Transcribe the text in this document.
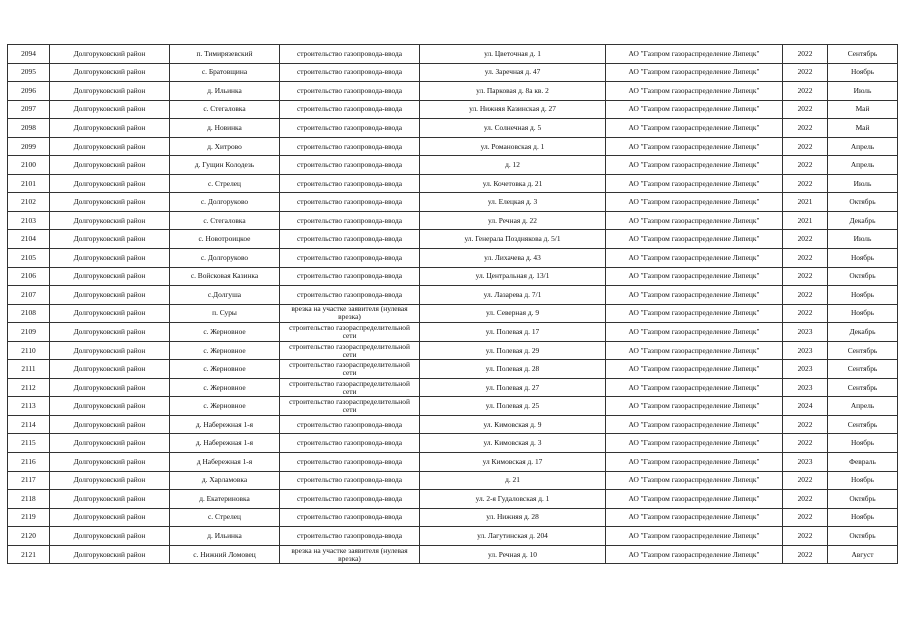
2094	Долгоруковский район	п. Тимирязевский	строительство газопровода-ввода	ул. Цветочная д. 1	АО "Газпром газораспределение Липецк"	2022	Сентябрь
2095	Долгоруковский район	с. Братовщина	строительство газопровода-ввода	ул. Заречная д. 47	АО "Газпром газораспределение Липецк"	2022	Ноябрь
2096	Долгоруковский район	д. Ильинка	строительство газопровода-ввода	ул. Парковая д. 8а кв. 2	АО "Газпром газораспределение Липецк"	2022	Июль
2097	Долгоруковский район	с. Стегаловка	строительство газопровода-ввода	ул. Нижняя Казинская д. 27	АО "Газпром газораспределение Липецк"	2022	Май
2098	Долгоруковский район	д. Новинка	строительство газопровода-ввода	ул. Солнечная д. 5	АО "Газпром газораспределение Липецк"	2022	Май
2099	Долгоруковский район	д. Хитрово	строительство газопровода-ввода	ул. Романовская д. 1	АО "Газпром газораспределение Липецк"	2022	Апрель
2100	Долгоруковский район	д. Гущин Колодезь	строительство газопровода-ввода	д. 12	АО "Газпром газораспределение Липецк"	2022	Апрель
2101	Долгоруковский район	с. Стрелец	строительство газопровода-ввода	ул. Кочетовка д. 21	АО "Газпром газораспределение Липецк"	2022	Июль
2102	Долгоруковский район	с. Долгоруково	строительство газопровода-ввода	ул. Елецкая д. 3	АО "Газпром газораспределение Липецк"	2021	Октябрь
2103	Долгоруковский район	с. Стегаловка	строительство газопровода-ввода	ул. Речная д. 22	АО "Газпром газораспределение Липецк"	2021	Декабрь
2104	Долгоруковский район	с. Новотроицкое	строительство газопровода-ввода	ул. Генерала Позднякова д. 5/1	АО "Газпром газораспределение Липецк"	2022	Июль
2105	Долгоруковский район	с. Долгоруково	строительство газопровода-ввода	ул. Лихачева д. 43	АО "Газпром газораспределение Липецк"	2022	Ноябрь
2106	Долгоруковский район	с. Войсковая Казинка	строительство газопровода-ввода	ул. Центральная д. 13/1	АО "Газпром газораспределение Липецк"	2022	Октябрь
2107	Долгоруковский район	с.Долгуша	строительство газопровода-ввода	ул. Лазарева д. 7/1	АО "Газпром газораспределение Липецк"	2022	Ноябрь
2108	Долгоруковский район	п. Суры	врезка на участке заявителя (нулевая врезка)	ул. Северная д. 9	АО "Газпром газораспределение Липецк"	2022	Ноябрь
2109	Долгоруковский район	с. Жерновное	строительство газораспределительной сети	ул. Полевая д. 17	АО "Газпром газораспределение Липецк"	2023	Декабрь
2110	Долгоруковский район	с. Жерновное	строительство газораспределительной сети	ул. Полевая д. 29	АО "Газпром газораспределение Липецк"	2023	Сентябрь
2111	Долгоруковский район	с. Жерновное	строительство газораспределительной сети	ул. Полевая д. 28	АО "Газпром газораспределение Липецк"	2023	Сентябрь
2112	Долгоруковский район	с. Жерновное	строительство газораспределительной сети	ул. Полевая д. 27	АО "Газпром газораспределение Липецк"	2023	Сентябрь
2113	Долгоруковский район	с. Жерновное	строительство газораспределительной сети	ул. Полевая д. 25	АО "Газпром газораспределение Липецк"	2024	Апрель
2114	Долгоруковский район	д. Набережная 1-я	строительство газопровода-ввода	ул. Кимовская д. 9	АО "Газпром газораспределение Липецк"	2022	Сентябрь
2115	Долгоруковский район	д. Набережная 1-я	строительство газопровода-ввода	ул. Кимовская д. 3	АО "Газпром газораспределение Липецк"	2022	Ноябрь
2116	Долгоруковский район	д Набережная 1-я	строительство газопровода-ввода	ул Кимовская д. 17	АО "Газпром газораспределение Липецк"	2023	Февраль
2117	Долгоруковский район	д. Харламовка	строительство газопровода-ввода	д. 21	АО "Газпром газораспределение Липецк"	2022	Ноябрь
2118	Долгоруковский район	д. Екатериновка	строительство газопровода-ввода	ул. 2-я Гудаловская д. 1	АО "Газпром газораспределение Липецк"	2022	Октябрь
2119	Долгоруковский район	с. Стрелец	строительство газопровода-ввода	ул. Нижняя д. 28	АО "Газпром газораспределение Липецк"	2022	Ноябрь
2120	Долгоруковский район	д. Ильинка	строительство газопровода-ввода	ул. Лагутинская д. 204	АО "Газпром газораспределение Липецк"	2022	Октябрь
2121	Долгоруковский район	с. Нижний Ломовец	врезка на участке заявителя (нулевая врезка)	ул. Речная д. 10	АО "Газпром газораспределение Липецк"	2022	Август
